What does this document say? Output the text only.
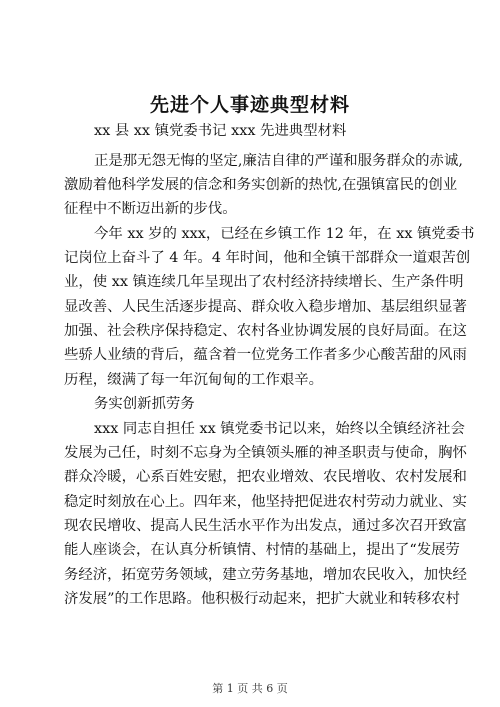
先进个人事迹典型材料
xx 县 xx 镇党委书记 xxx 先进典型材料
正是那无怨无悔的坚定,廉洁自律的严谨和服务群众的赤诚,
激励着他科学发展的信念和务实创新的热忱,在强镇富民的创业
征程中不断迈出新的步伐。
今年 xx 岁的 xxx，已经在乡镇工作 12 年，在 xx 镇党委书
记岗位上奋斗了 4 年。4 年时间，他和全镇干部群众一道艰苦创
业，使 xx 镇连续几年呈现出了农村经济持续增长、生产条件明
显改善、人民生活逐步提高、群众收入稳步增加、基层组织显著
加强、社会秩序保持稳定、农村各业协调发展的良好局面。在这
些骄人业绩的背后，蕴含着一位党务工作者多少心酸苦甜的风雨
历程，缀满了每一年沉甸甸的工作艰辛。
务实创新抓劳务
xxx 同志自担任 xx 镇党委书记以来，始终以全镇经济社会
发展为己任，时刻不忘身为全镇领头雁的神圣职责与使命，胸怀
群众冷暖，心系百姓安慰，把农业增效、农民增收、农村发展和
稳定时刻放在心上。四年来，他坚持把促进农村劳动力就业、实
现农民增收、提高人民生活水平作为出发点，通过多次召开致富
能人座谈会，在认真分析镇情、村情的基础上，提出了“发展劳
务经济，拓宽劳务领域，建立劳务基地，增加农民收入，加快经
济发展”的工作思路。他积极行动起来，把扩大就业和转移农村
第 1 页 共 6 页
